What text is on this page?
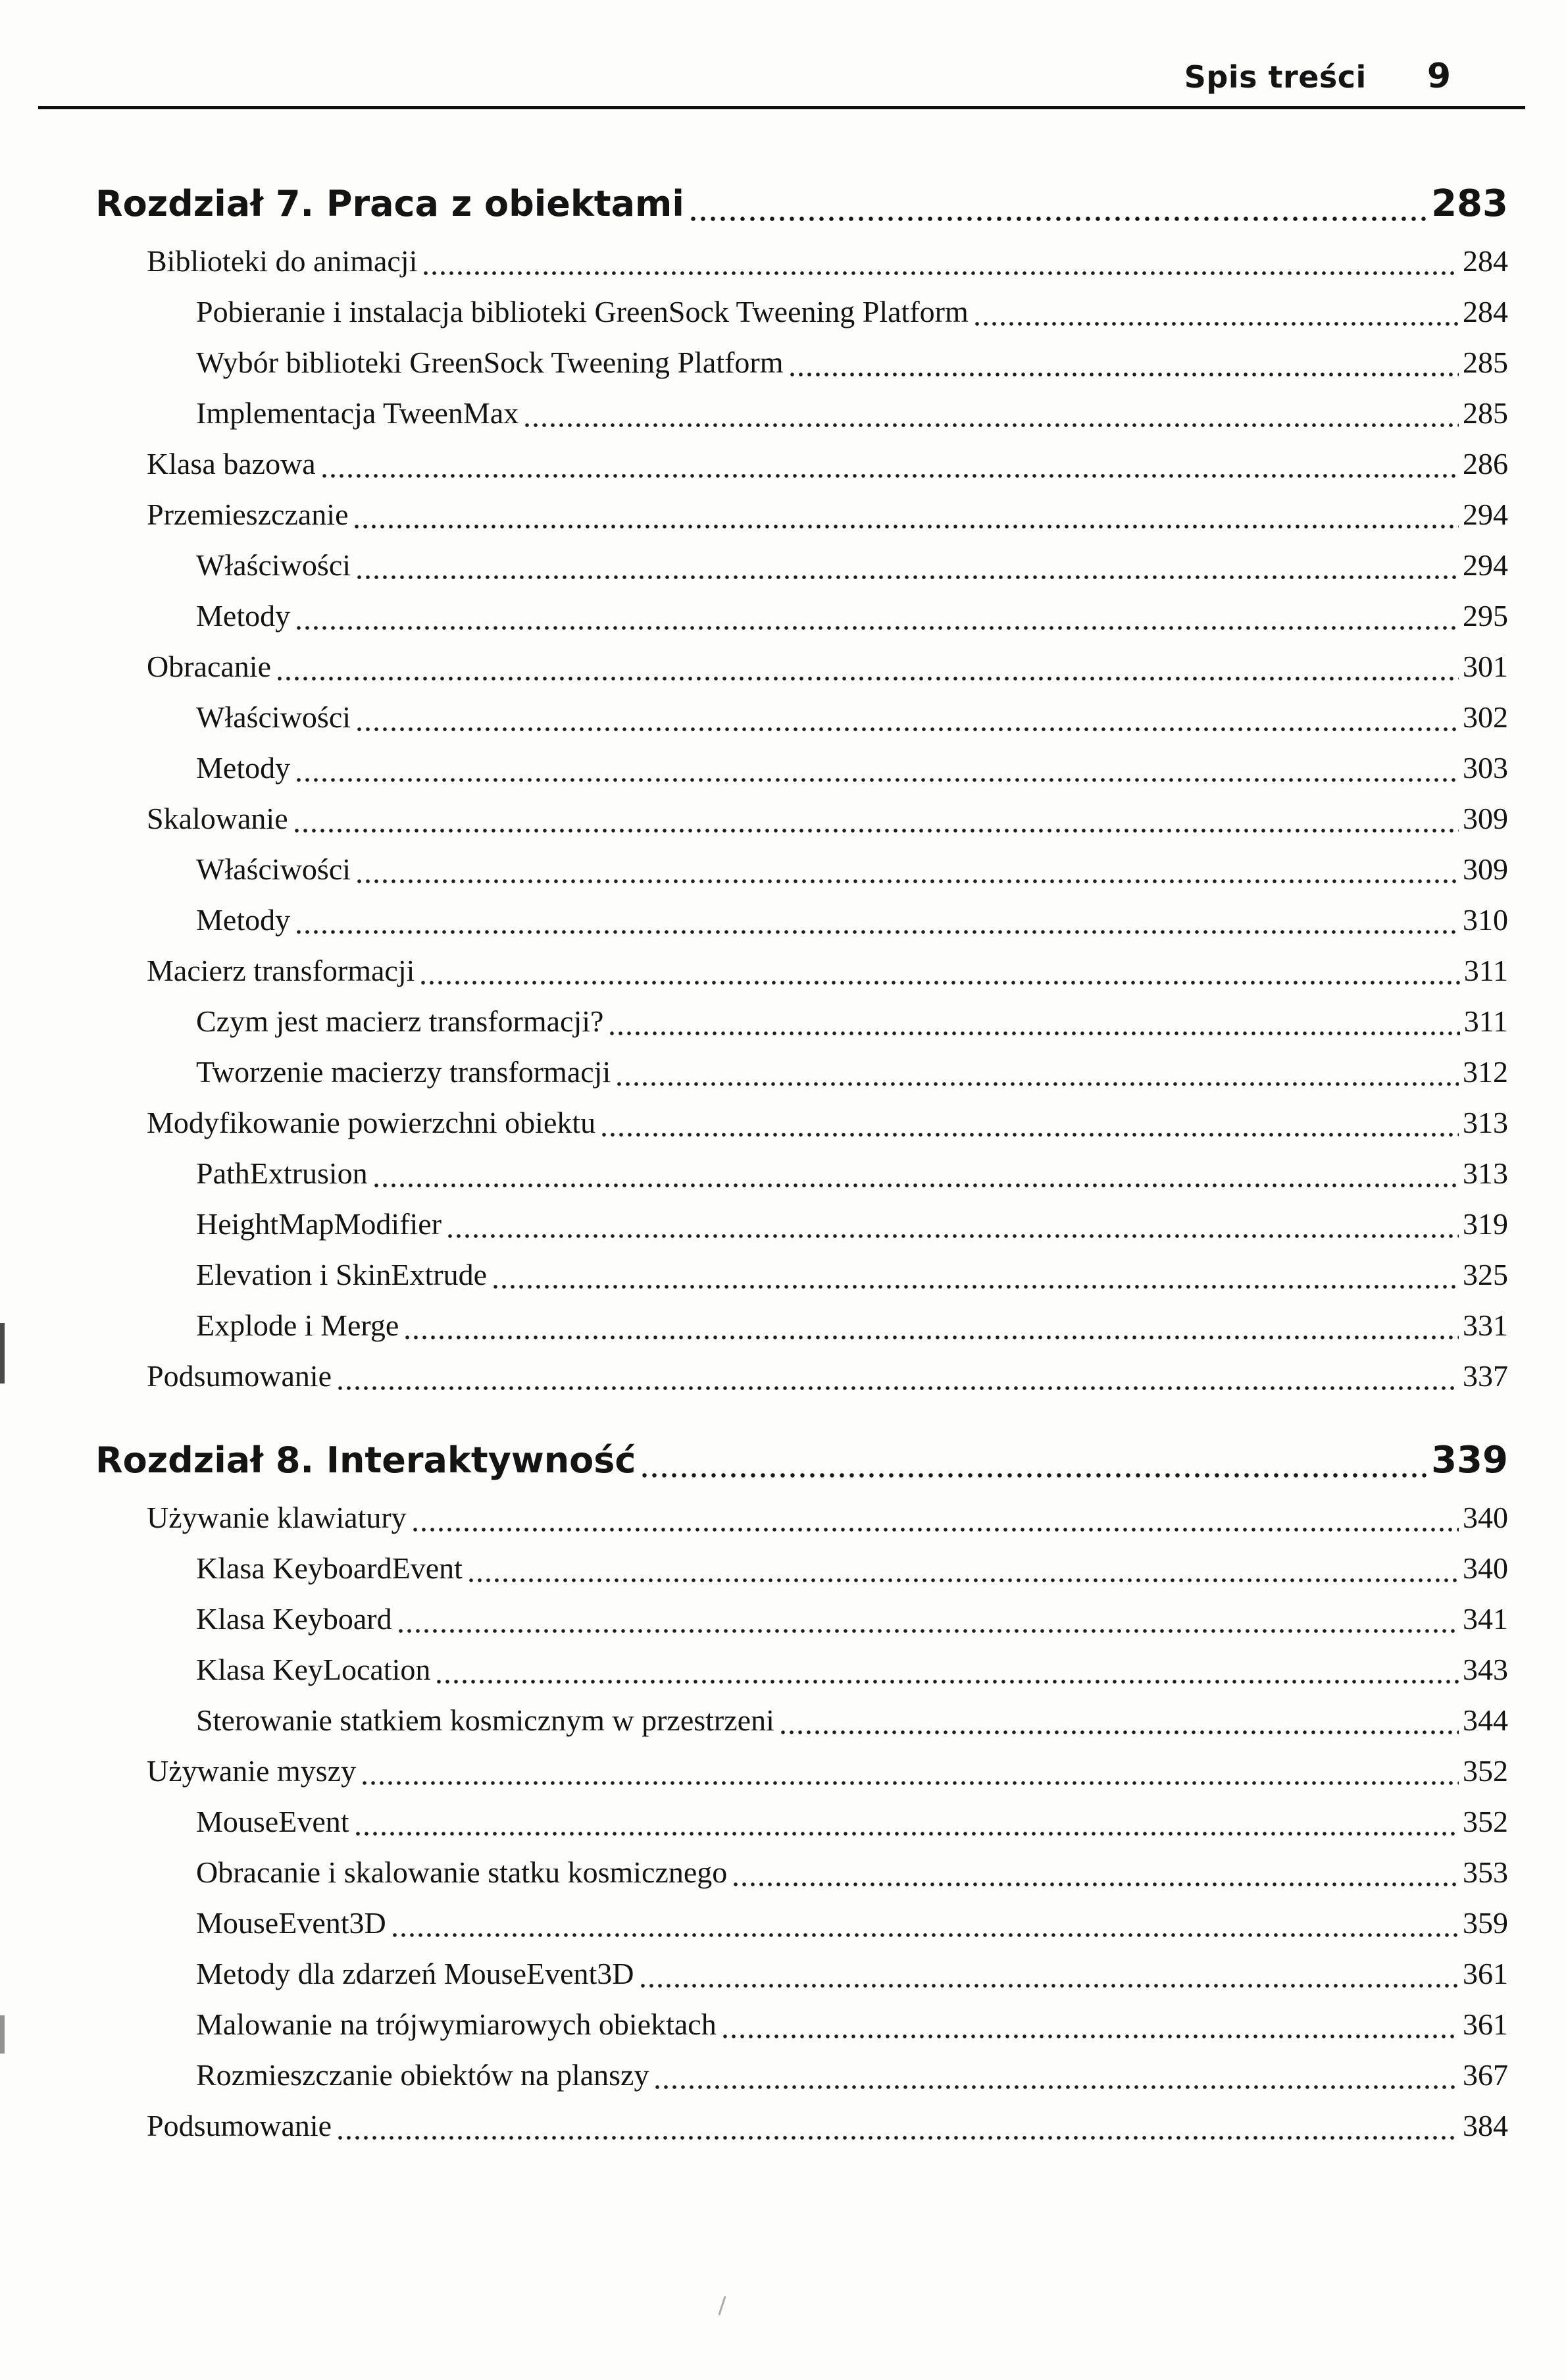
Spis treści 9
Rozdział 7. Praca z obiektami	283
Biblioteki do animacji	284
Pobieranie i instalacja biblioteki GreenSock Tweening Platform	284
Wybór biblioteki GreenSock Tweening Platform	285
Implementacja TweenMax	285
Klasa bazowa	286
Przemieszczanie	294
Właściwości	294
Metody	295
Obracanie	301
Właściwości	302
Metody	303
Skalowanie	309
Właściwości	309
Metody	310
Macierz transformacji	311
Czym jest macierz transformacji?	311
Tworzenie macierzy transformacji	312
Modyfikowanie powierzchni obiektu	313
PathExtrusion	313
HeightMapModifier	319
Elevation i SkinExtrude	325
Explode i Merge	331
Podsumowanie	337
Rozdział 8. Interaktywność	339
Używanie klawiatury	340
Klasa KeyboardEvent	340
Klasa Keyboard	341
Klasa KeyLocation	343
Sterowanie statkiem kosmicznym w przestrzeni	344
Używanie myszy	352
MouseEvent	352
Obracanie i skalowanie statku kosmicznego	353
MouseEvent3D	359
Metody dla zdarzeń MouseEvent3D	361
Malowanie na trójwymiarowych obiektach	361
Rozmieszczanie obiektów na planszy	367
Podsumowanie	384
